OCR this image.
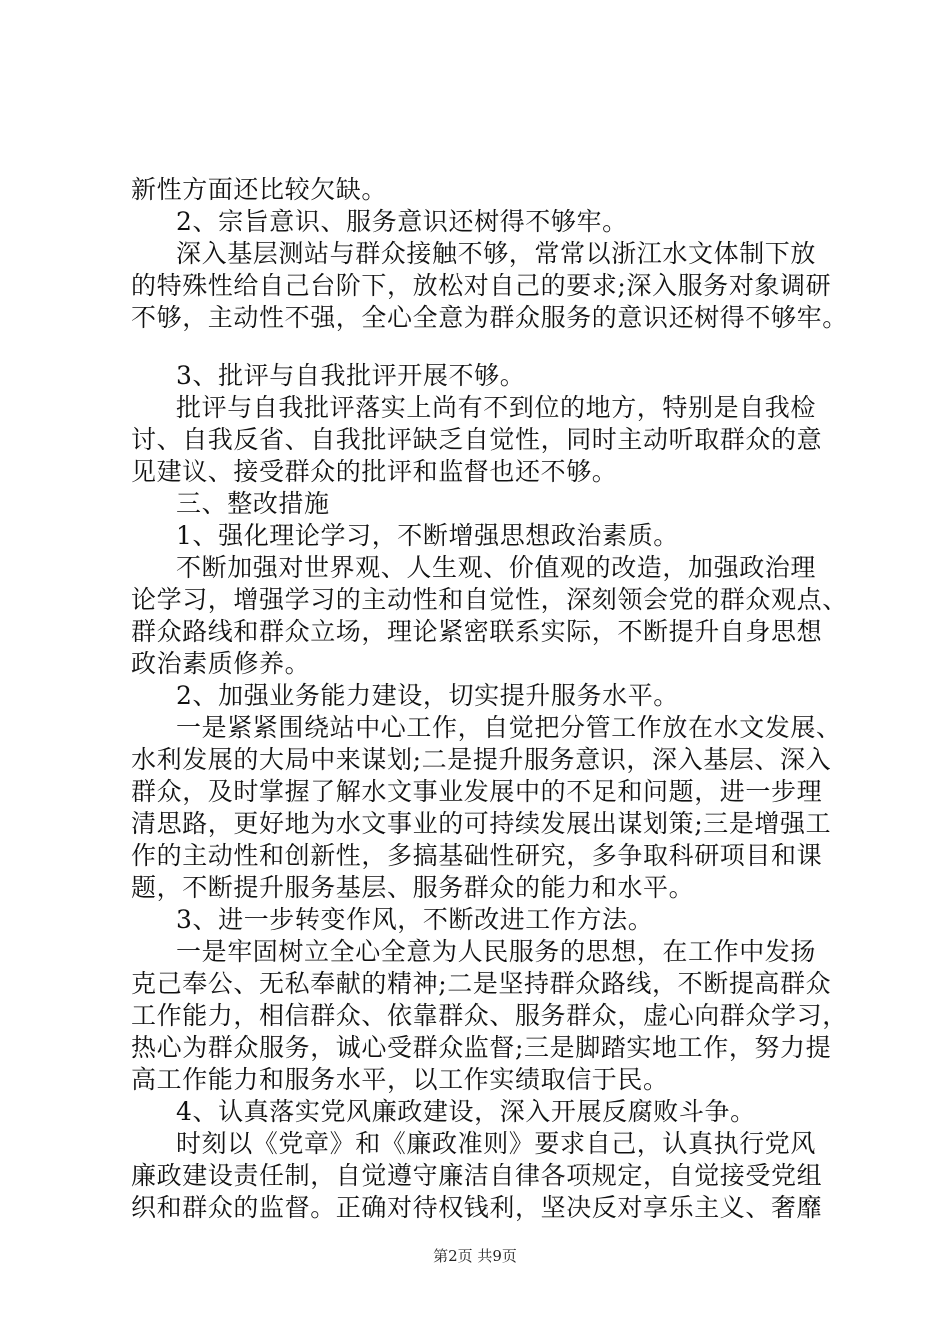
新性方面还比较欠缺。
2、宗旨意识、服务意识还树得不够牢。
深入基层测站与群众接触不够，常常以浙江水文体制下放
的特殊性给自己台阶下，放松对自己的要求;深入服务对象调研
不够，主动性不强，全心全意为群众服务的意识还树得不够牢。
3、批评与自我批评开展不够。
批评与自我批评落实上尚有不到位的地方，特别是自我检
讨、自我反省、自我批评缺乏自觉性，同时主动听取群众的意
见建议、接受群众的批评和监督也还不够。
三、整改措施
1、强化理论学习，不断增强思想政治素质。
不断加强对世界观、人生观、价值观的改造，加强政治理
论学习，增强学习的主动性和自觉性，深刻领会党的群众观点、
群众路线和群众立场，理论紧密联系实际，不断提升自身思想
政治素质修养。
2、加强业务能力建设，切实提升服务水平。
一是紧紧围绕站中心工作，自觉把分管工作放在水文发展、
水利发展的大局中来谋划;二是提升服务意识，深入基层、深入
群众，及时掌握了解水文事业发展中的不足和问题，进一步理
清思路，更好地为水文事业的可持续发展出谋划策;三是增强工
作的主动性和创新性，多搞基础性研究，多争取科研项目和课
题，不断提升服务基层、服务群众的能力和水平。
3、进一步转变作风，不断改进工作方法。
一是牢固树立全心全意为人民服务的思想，在工作中发扬
克己奉公、无私奉献的精神;二是坚持群众路线，不断提高群众
工作能力，相信群众、依靠群众、服务群众，虚心向群众学习，
热心为群众服务，诚心受群众监督;三是脚踏实地工作，努力提
高工作能力和服务水平，以工作实绩取信于民。
4、认真落实党风廉政建设，深入开展反腐败斗争。
时刻以《党章》和《廉政准则》要求自己，认真执行党风
廉政建设责任制，自觉遵守廉洁自律各项规定，自觉接受党组
织和群众的监督。正确对待权钱利，坚决反对享乐主义、奢靡
第2页 共9页
